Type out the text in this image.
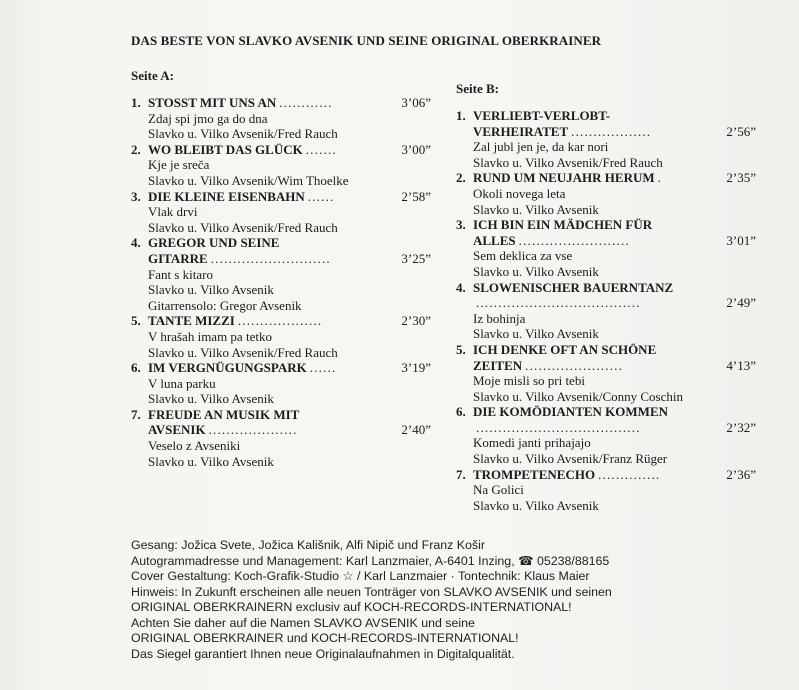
DAS BESTE VON SLAVKO AVSENIK UND SEINE ORIGINAL OBERKRAINER
Seite A:
Seite B:
1. STOSST MIT UNS AN ............	3’06”
Zdaj spi jmo ga do dna
Slavko u. Vilko Avsenik/Fred Rauch
2. WO BLEIBT DAS GLÜCK .......	3’00”
Kje je sreča
Slavko u. Vilko Avsenik/Wim Thoelke
3. DIE KLEINE EISENBAHN ......	2’58”
Vlak drvi
Slavko u. Vilko Avsenik/Fred Rauch
4. GREGOR UND SEINE
GITARRE ...........................	3’25”
Fant s kitaro
Slavko u. Vilko Avsenik
Gitarrensolo: Gregor Avsenik
5. TANTE MIZZI ...................	2’30”
V hrašah imam pa tetko
Slavko u. Vilko Avsenik/Fred Rauch
6. IM VERGNÜGUNGSPARK ......	3’19”
V luna parku
Slavko u. Vilko Avsenik
7. FREUDE AN MUSIK MIT
AVSENIK ....................	2’40”
Veselo z Avseniki
Slavko u. Vilko Avsenik
1. VERLIEBT-VERLOBT-
VERHEIRATET ..................	2’56”
Zal jubl jen je, da kar nori
Slavko u. Vilko Avsenik/Fred Rauch
2. RUND UM NEUJAHR HERUM .	2’35”
Okoli novega leta
Slavko u. Vilko Avsenik
3. ICH BIN EIN MÄDCHEN FÜR
ALLES .........................	3’01”
Sem deklica za vse
Slavko u. Vilko Avsenik
4. SLOWENISCHER BAUERNTANZ
.....................................	2’49”
Iz bohinja
Slavko u. Vilko Avsenik
5. ICH DENKE OFT AN SCHÖNE
ZEITEN ......................	4’13”
Moje misli so pri tebi
Slavko u. Vilko Avsenik/Conny Coschin
6. DIE KOMÖDIANTEN KOMMEN
.....................................	2’32”
Komedi janti prihajajo
Slavko u. Vilko Avsenik/Franz Rüger
7. TROMPETENECHO ..............	2’36”
Na Golici
Slavko u. Vilko Avsenik
Gesang: Jožica Svete, Jožica Kališnik, Alfi Nipič und Franz Košir
Autogrammadresse und Management: Karl Lanzmaier, A-6401 Inzing, ☎ 05238/88165
Cover Gestaltung: Koch-Grafik-Studio ☆ / Karl Lanzmaier · Tontechnik: Klaus Maier
Hinweis: In Zukunft erscheinen alle neuen Tonträger von SLAVKO AVSENIK und seinen
ORIGINAL OBERKRAINERN exclusiv auf KOCH-RECORDS-INTERNATIONAL!
Achten Sie daher auf die Namen SLAVKO AVSENIK und seine
ORIGINAL OBERKRAINER und KOCH-RECORDS-INTERNATIONAL!
Das Siegel garantiert Ihnen neue Originalaufnahmen in Digitalqualität.
